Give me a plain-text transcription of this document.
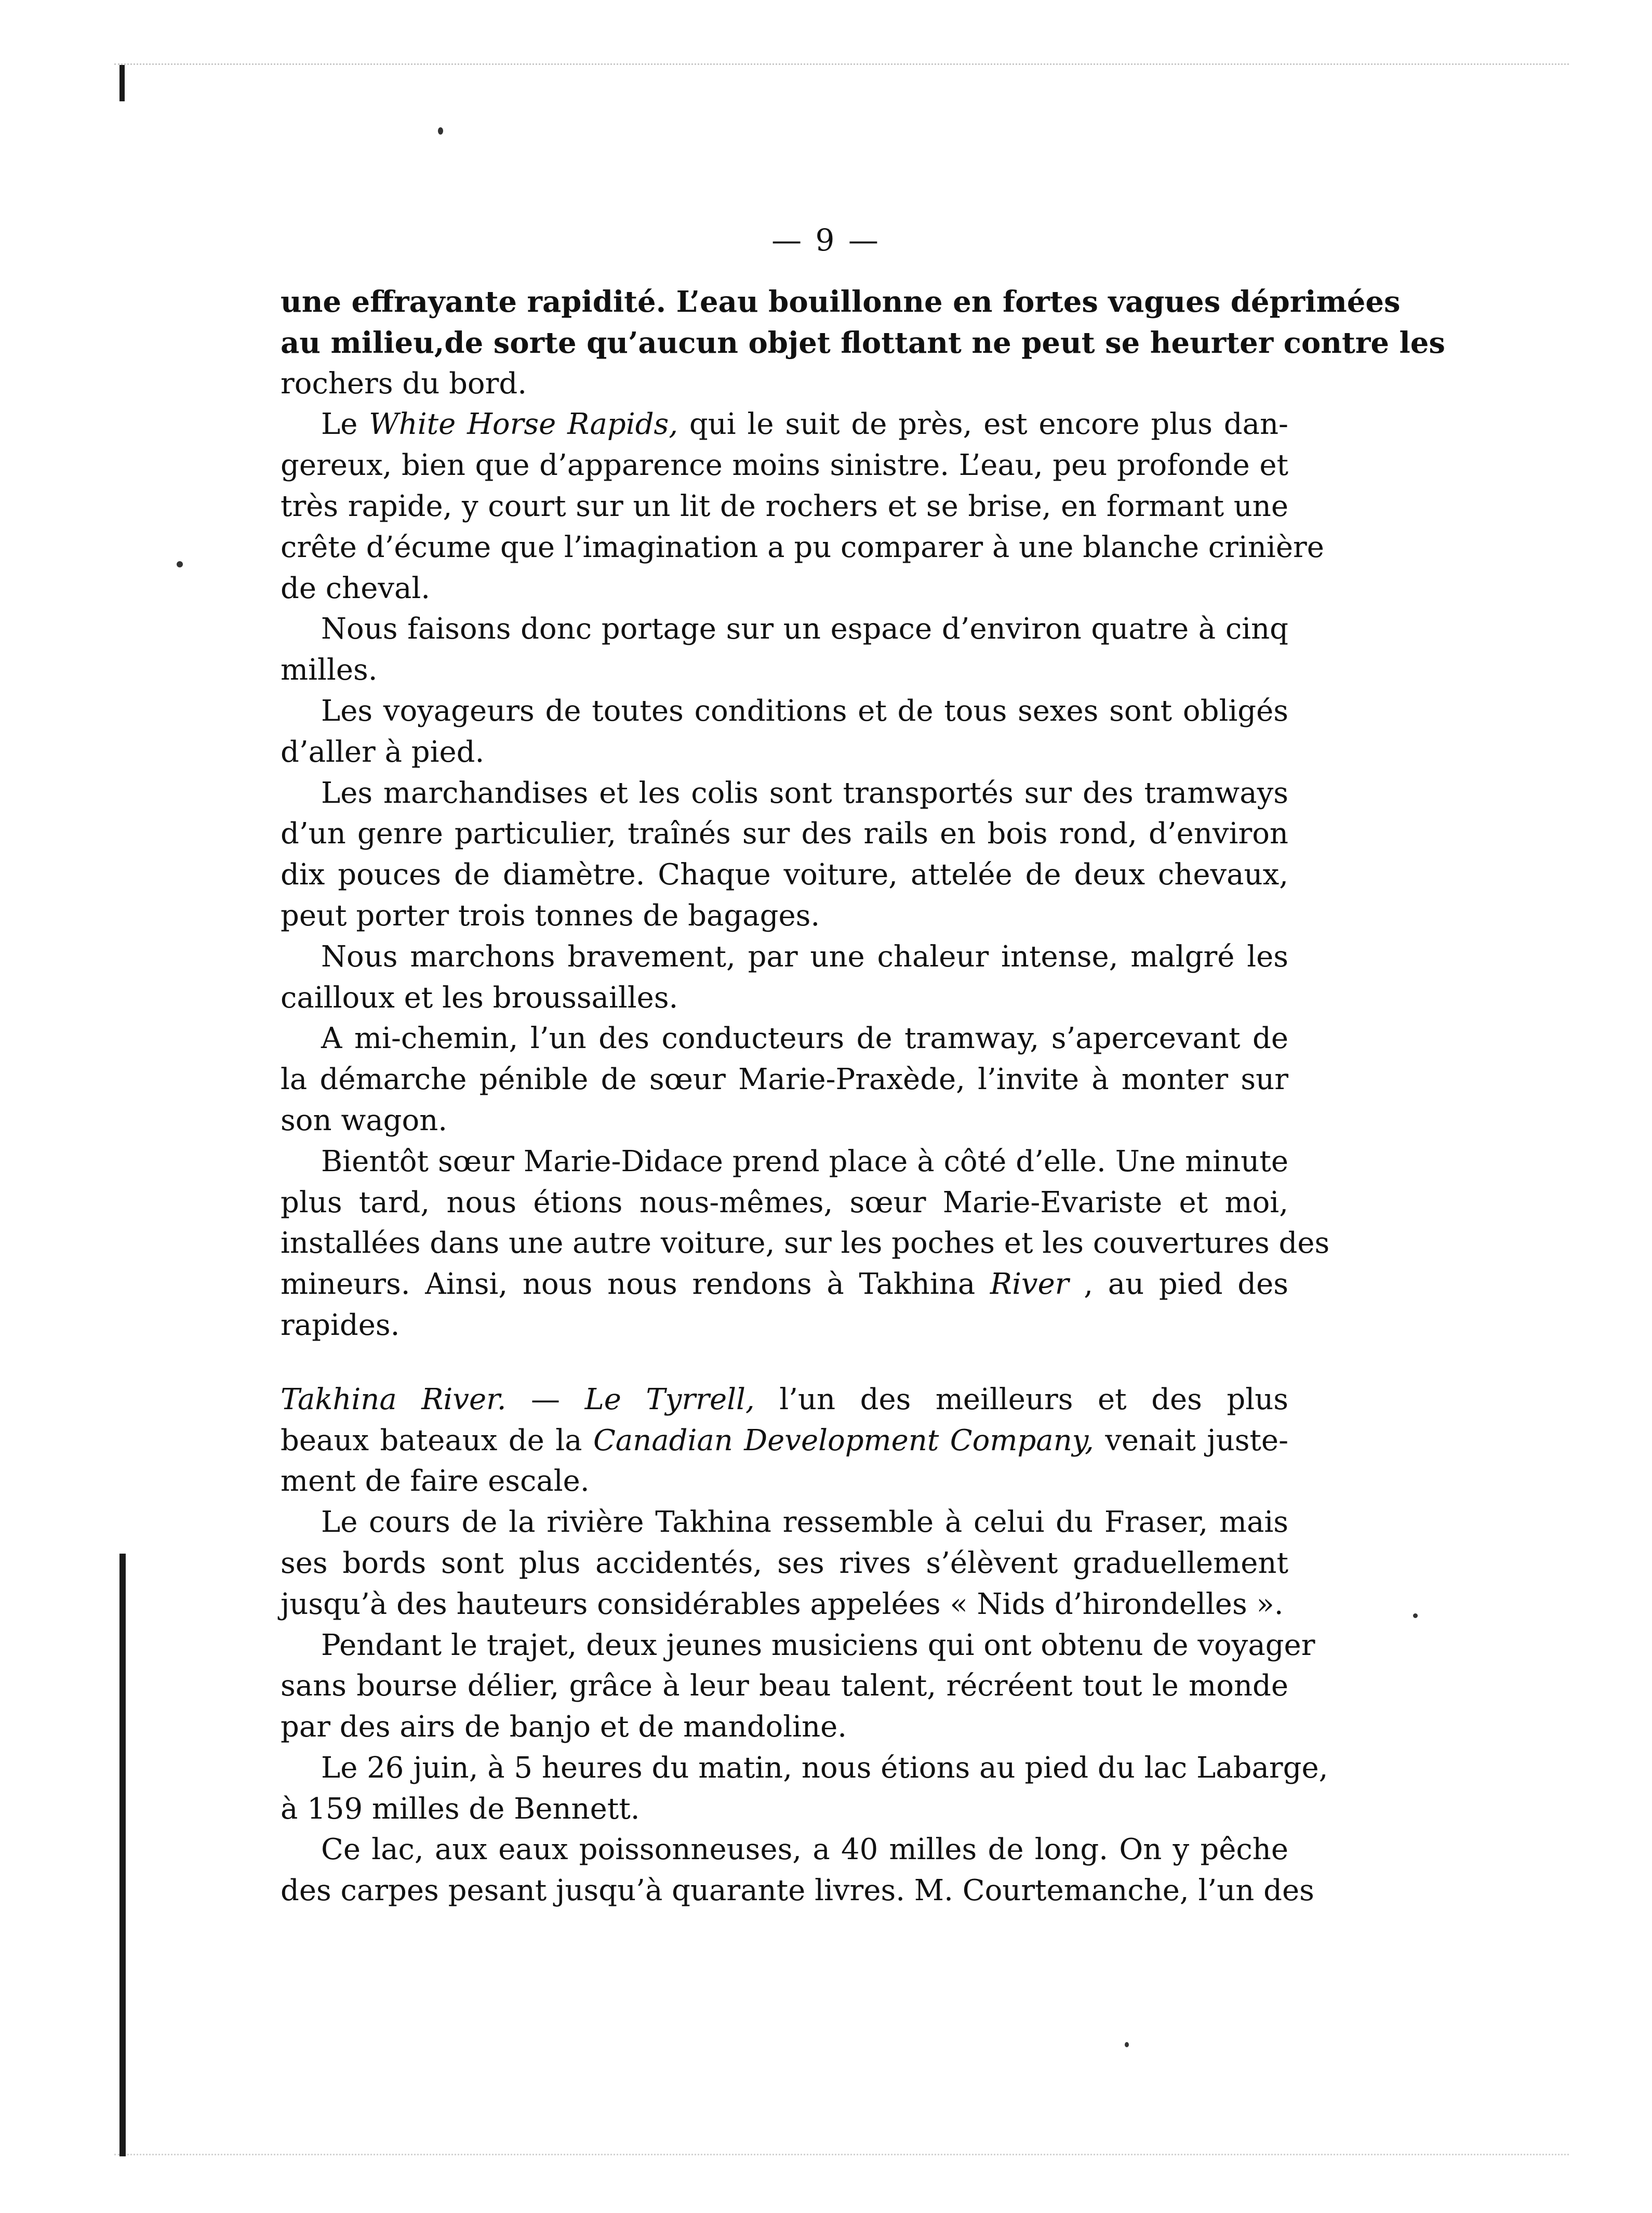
— 9 —
une effrayante rapidité. L’eau bouillonne en fortes vagues déprimées
au milieu,de sorte qu’aucun objet flottant ne peut se heurter contre les
rochers du bord.
Le White Horse Rapids, qui le suit de près, est encore plus dan-
gereux, bien que d’apparence moins sinistre. L’eau, peu profonde et
très rapide, y court sur un lit de rochers et se brise, en formant une
crête d’écume que l’imagination a pu comparer à une blanche crinière
de cheval.
Nous faisons donc portage sur un espace d’environ quatre à cinq
milles.
Les voyageurs de toutes conditions et de tous sexes sont obligés
d’aller à pied.
Les marchandises et les colis sont transportés sur des tramways
d’un genre particulier, traînés sur des rails en bois rond, d’environ
dix pouces de diamètre. Chaque voiture, attelée de deux chevaux,
peut porter trois tonnes de bagages.
Nous marchons bravement, par une chaleur intense, malgré les
cailloux et les broussailles.
A mi-chemin, l’un des conducteurs de tramway, s’apercevant de
la démarche pénible de sœur Marie-Praxède, l’invite à monter sur
son wagon.
Bientôt sœur Marie-Didace prend place à côté d’elle. Une minute
plus tard, nous étions nous-mêmes, sœur Marie-Evariste et moi,
installées dans une autre voiture, sur les poches et les couvertures des
mineurs. Ainsi, nous nous rendons à Takhina River , au pied des
rapides.
Takhina River. — Le Tyrrell, l’un des meilleurs et des plus
beaux bateaux de la Canadian Development Company, venait juste-
ment de faire escale.
Le cours de la rivière Takhina ressemble à celui du Fraser, mais
ses bords sont plus accidentés, ses rives s’élèvent graduellement
jusqu’à des hauteurs considérables appelées « Nids d’hirondelles ».
Pendant le trajet, deux jeunes musiciens qui ont obtenu de voyager
sans bourse délier, grâce à leur beau talent, récréent tout le monde
par des airs de banjo et de mandoline.
Le 26 juin, à 5 heures du matin, nous étions au pied du lac Labarge,
à 159 milles de Bennett.
Ce lac, aux eaux poissonneuses, a 40 milles de long. On y pêche
des carpes pesant jusqu’à quarante livres. M. Courtemanche, l’un des
